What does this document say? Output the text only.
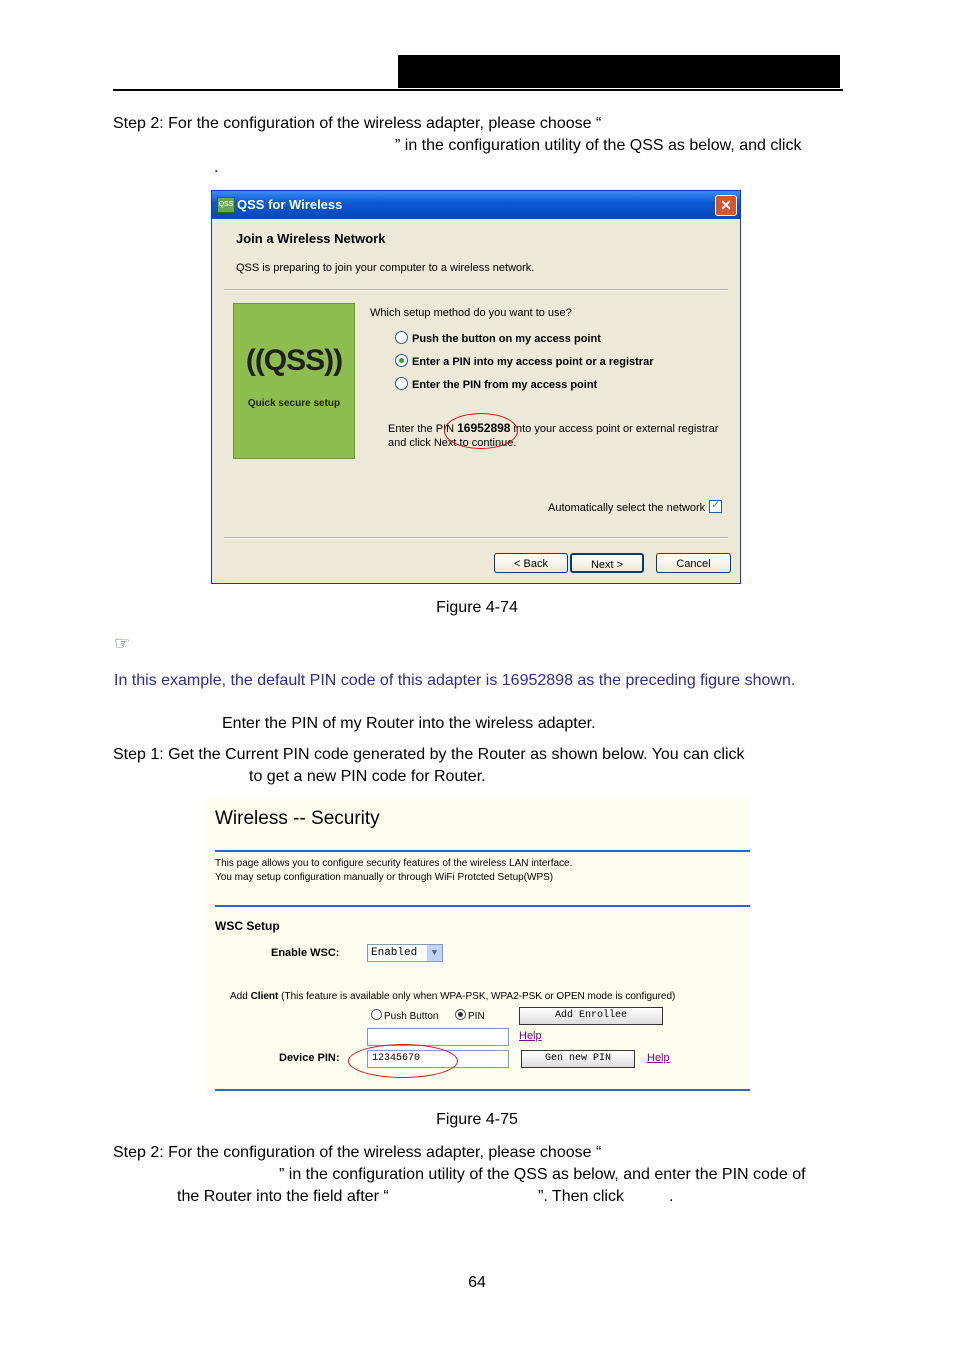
Step 2: For the configuration of the wireless adapter, please choose “
” in the configuration utility of the QSS as below, and click
.
QSS QSS for Wireless	✕
Join a Wireless Network
QSS is preparing to join your computer to a wireless network.
((QSS))
Quick secure setup
Which setup method do you want to use?
Push the button on my access point
Enter a PIN into my access point or a registrar
Enter the PIN from my access point
Enter the PIN 16952898 into your access point or external registrar
and click Next to continue.
Automatically select the network✓
< Back	Next >	Cancel
Figure 4-74
☞
In this example, the default PIN code of this adapter is 16952898 as the preceding figure shown.
Enter the PIN of my Router into the wireless adapter.
Step 1: Get the Current PIN code generated by the Router as shown below. You can click
to get a new PIN code for Router.
Wireless -- Security
This page allows you to configure security features of the wireless LAN interface.
You may setup configuration manually or through WiFi Protcted Setup(WPS)
WSC Setup
Enable WSC:	Enabled	▼
Add Client (This feature is available only when WPA-PSK, WPA2-PSK or OPEN mode is configured)
Push Button	PIN	Add Enrollee
Help
Device PIN:	12345670	Gen new PIN	Help
Figure 4-75
Step 2: For the configuration of the wireless adapter, please choose “
” in the configuration utility of the QSS as below, and enter the PIN code of
the Router into the field after “	”. Then click	.
64
